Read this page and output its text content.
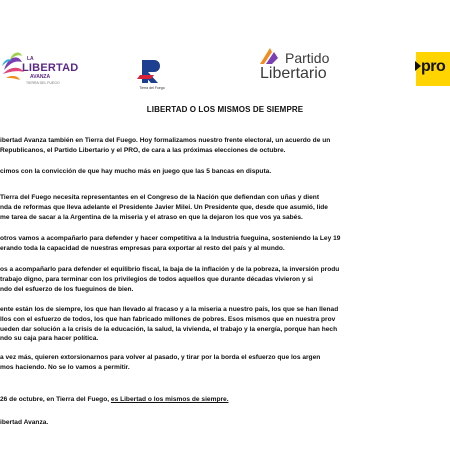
LA
LIBERTAD
AVANZA
TIERRA DEL FUEGO
Tierra del Fuego
Partido
Libertario	pro
LIBERTAD O LOS MISMOS DE SIEMPRE

ibertad Avanza también en Tierra del Fuego. Hoy formalizamos nuestro frente electoral, un acuerdo de un
Republicanos, el Partido Libertario y el PRO, de cara a las próximas elecciones de octubre.

cimos con la convicción de que hay mucho más en juego que las 5 bancas en disputa.

Tierra del Fuego necesita representantes en el Congreso de la Nación que defiendan con uñas y dient
nda de reformas que lleva adelante el Presidente Javier Milei. Un Presidente que, desde que asumió, lide
me tarea de sacar a la Argentina de la miseria y el atraso en que la dejaron los que vos ya sabés.

otros vamos a acompañarlo para defender y hacer competitiva a la Industria fueguina, sosteniendo la Ley 19
erando toda la capacidad de nuestras empresas para exportar al resto del país y al mundo.

os a acompañarlo para defender el equilibrio fiscal, la baja de la inflación y de la pobreza, la inversión produ
trabajo digno, para terminar con los privilegios de todos aquellos que durante décadas vivieron y si
ndo del esfuerzo de los fueguinos de bien.

ente están los de siempre, los que han llevado al fracaso y a la miseria a nuestro país, los que se han llenad
llos con el esfuerzo de todos, los que han fabricado millones de pobres. Esos mismos que en nuestra prov
ueden dar solución a la crisis de la educación, la salud, la vivienda, el trabajo y la energía, porque han hech
ndo su caja para hacer política.

a vez más, quieren extorsionarnos para volver al pasado, y tirar por la borda el esfuerzo que los argen
mos haciendo. No se lo vamos a permitir.

26 de octubre, en Tierra del Fuego, es Libertad o los mismos de siempre.

ibertad Avanza.
